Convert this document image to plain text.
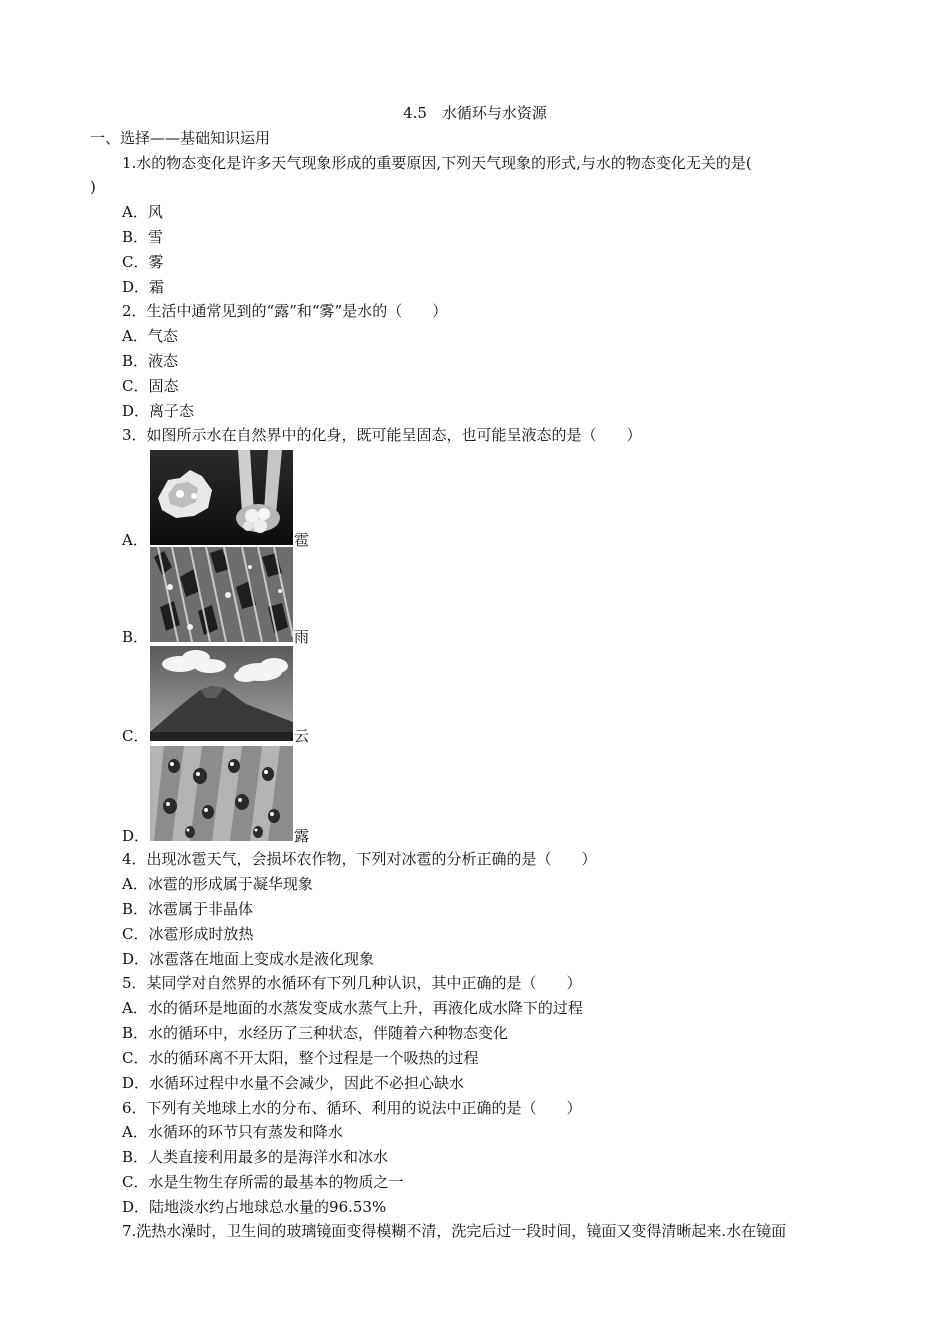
4.5　水循环与水资源
一、选择——基础知识运用
1.水的物态变化是许多天气现象形成的重要原因,下列天气现象的形式,与水的物态变化无关的是(
)
A．风
B．雪
C．雾
D．霜
2．生活中通常见到的“露”和“雾”是水的（　　）
A．气态
B．液态
C．固态
D．离子态
3．如图所示水在自然界中的化身，既可能呈固态，也可能呈液态的是（　　）
A．	雹
B．	雨
C．	云
D．	露
4．出现冰雹天气，会损坏农作物，下列对冰雹的分析正确的是（　　）
A．冰雹的形成属于凝华现象
B．冰雹属于非晶体
C．冰雹形成时放热
D．冰雹落在地面上变成水是液化现象
5．某同学对自然界的水循环有下列几种认识，其中正确的是（　　）
A．水的循环是地面的水蒸发变成水蒸气上升，再液化成水降下的过程
B．水的循环中，水经历了三种状态，伴随着六种物态变化
C．水的循环离不开太阳，整个过程是一个吸热的过程
D．水循环过程中水量不会减少，因此不必担心缺水
6．下列有关地球上水的分布、循环、利用的说法中正确的是（　　）
A．水循环的环节只有蒸发和降水
B．人类直接利用最多的是海洋水和冰水
C．水是生物生存所需的最基本的物质之一
D．陆地淡水约占地球总水量的96.53%
7.洗热水澡时，卫生间的玻璃镜面变得模糊不清，洗完后过一段时间，镜面又变得清晰起来.水在镜面
